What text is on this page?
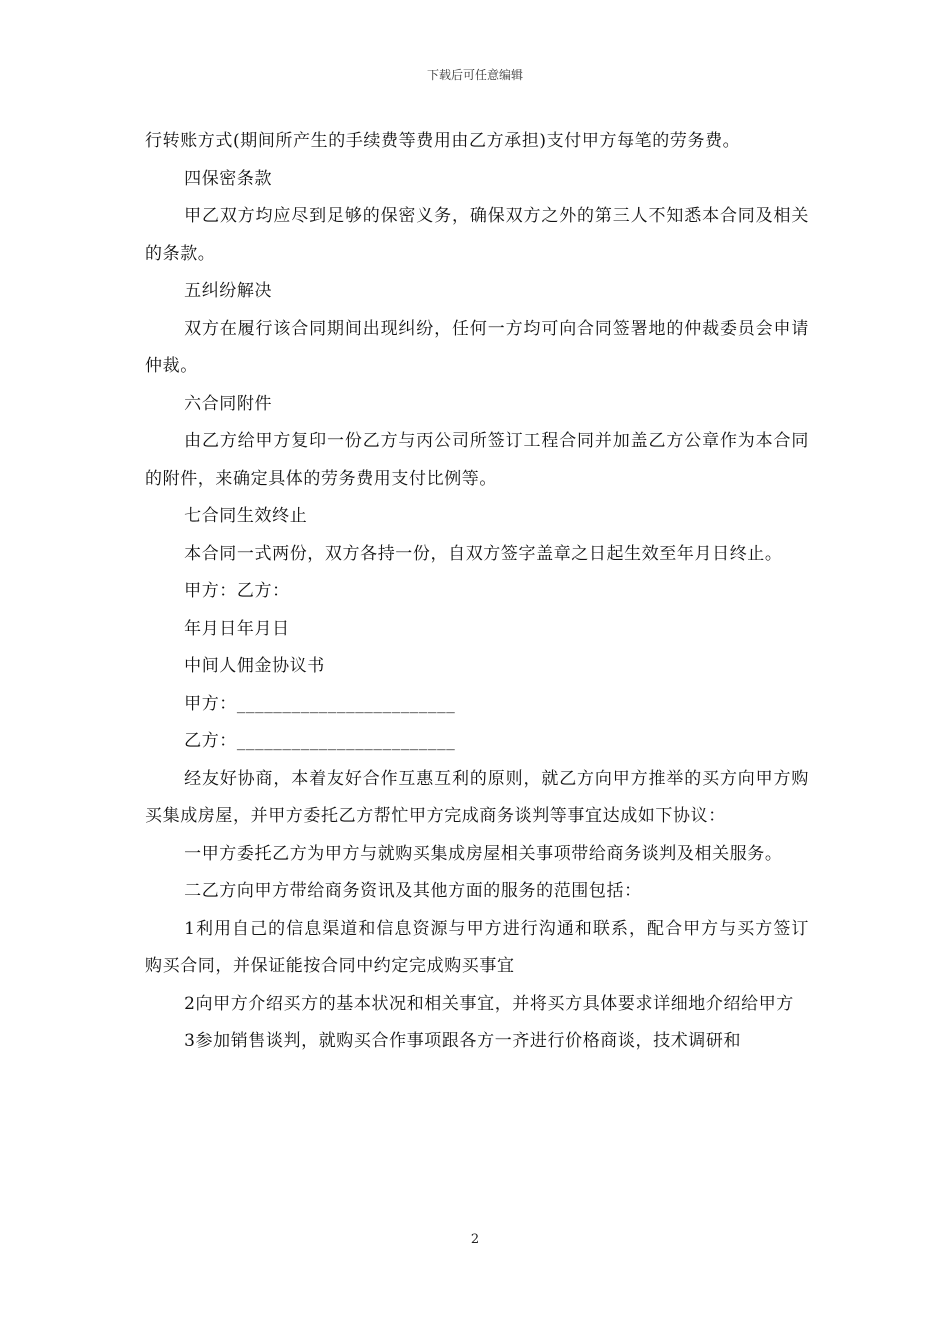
下载后可任意编辑

行转账方式(期间所产生的手续费等费用由乙方承担)支付甲方每笔的劳务费。

四保密条款

甲乙双方均应尽到足够的保密义务，确保双方之外的第三人不知悉本合同及相关的条款。

五纠纷解决

双方在履行该合同期间出现纠纷，任何一方均可向合同签署地的仲裁委员会申请仲裁。

六合同附件

由乙方给甲方复印一份乙方与丙公司所签订工程合同并加盖乙方公章作为本合同的附件，来确定具体的劳务费用支付比例等。

七合同生效终止

本合同一式两份，双方各持一份，自双方签字盖章之日起生效至年月日终止。

甲方：乙方：

年月日年月日

中间人佣金协议书

甲方：________________________

乙方：________________________

经友好协商，本着友好合作互惠互利的原则，就乙方向甲方推举的买方向甲方购买集成房屋，并甲方委托乙方帮忙甲方完成商务谈判等事宜达成如下协议：

一甲方委托乙方为甲方与就购买集成房屋相关事项带给商务谈判及相关服务。

二乙方向甲方带给商务资讯及其他方面的服务的范围包括：

1利用自己的信息渠道和信息资源与甲方进行沟通和联系，配合甲方与买方签订购买合同，并保证能按合同中约定完成购买事宜

2向甲方介绍买方的基本状况和相关事宜，并将买方具体要求详细地介绍给甲方

3参加销售谈判，就购买合作事项跟各方一齐进行价格商谈，技术调研和

2
